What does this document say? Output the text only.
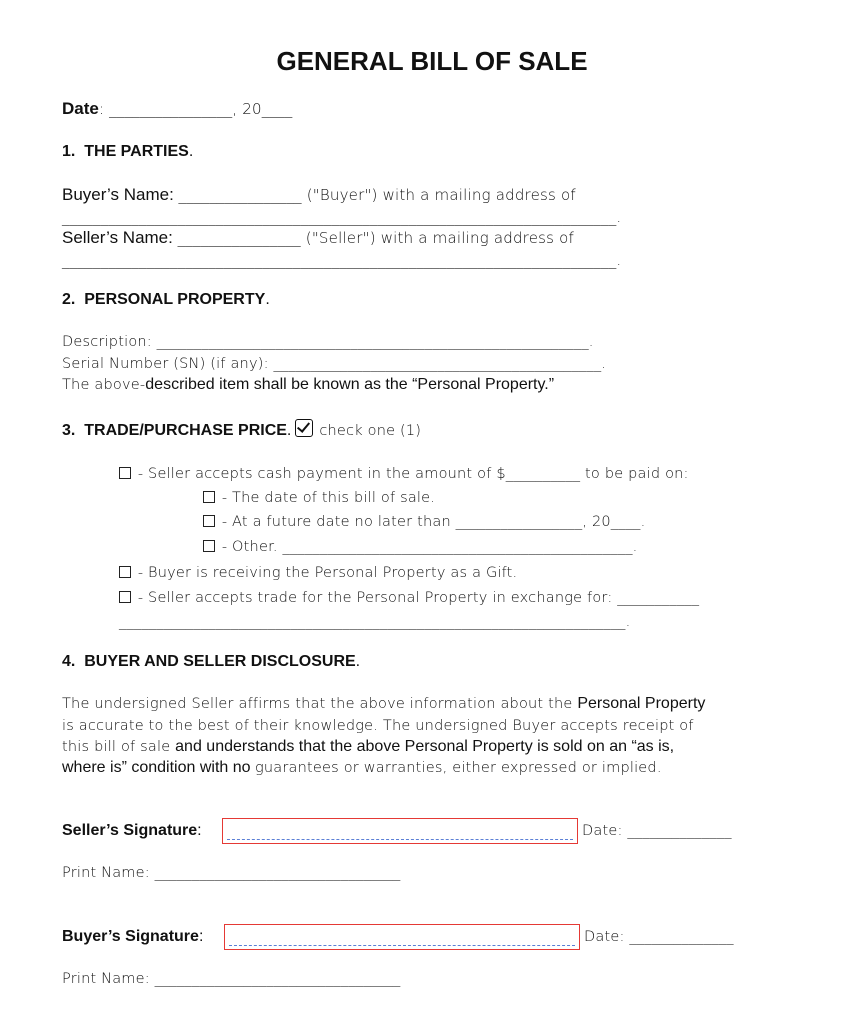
GENERAL BILL OF SALE
Date: ________________, 20____
1.  THE PARTIES.
Buyer’s Name: ________________ ("Buyer") with a mailing address of
________________________________________________________________________.
Seller’s Name: ________________ ("Seller") with a mailing address of
________________________________________________________________________.
2.  PERSONAL PROPERTY.
Description: __________________________________________________________.
Serial Number (SN) (if any): ____________________________________________.
The above-described item shall be known as the “Personal Property.”
3.  TRADE/PURCHASE PRICE. check one (1)
- Seller accepts cash payment in the amount of $__________ to be paid on:
- The date of this bill of sale.
- At a future date no later than _________________, 20____.
- Other. _______________________________________________.
- Buyer is receiving the Personal Property as a Gift.
- Seller accepts trade for the Personal Property in exchange for: ___________
____________________________________________________________________.
4.  BUYER AND SELLER DISCLOSURE.
The undersigned Seller affirms that the above information about the Personal Property
is accurate to the best of their knowledge. The undersigned Buyer accepts receipt of
this bill of sale and understands that the above Personal Property is sold on an “as is,
where is” condition with no guarantees or warranties, either expressed or implied.
Seller’s Signature:	Date: ______________
Print Name: _________________________________
Buyer’s Signature:	Date: ______________
Print Name: _________________________________
